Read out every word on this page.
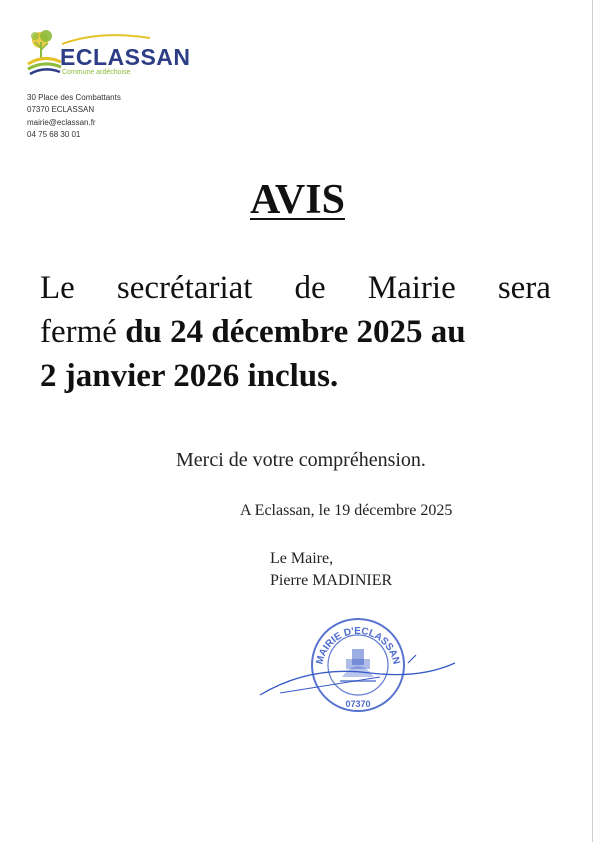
ECLASSAN
Commune ardéchoise
30 Place des Combattants
07370 ECLASSAN
mairie@eclassan.fr
04 75 68 30 01
AVIS
Le secrétariat de Mairie sera
fermé du 24 décembre 2025 au
2 janvier 2026 inclus.
Merci de votre compréhension.
A Eclassan, le 19 décembre 2025
Le Maire,
Pierre MADINIER
MAIRIE D'ECLASSAN
07370
